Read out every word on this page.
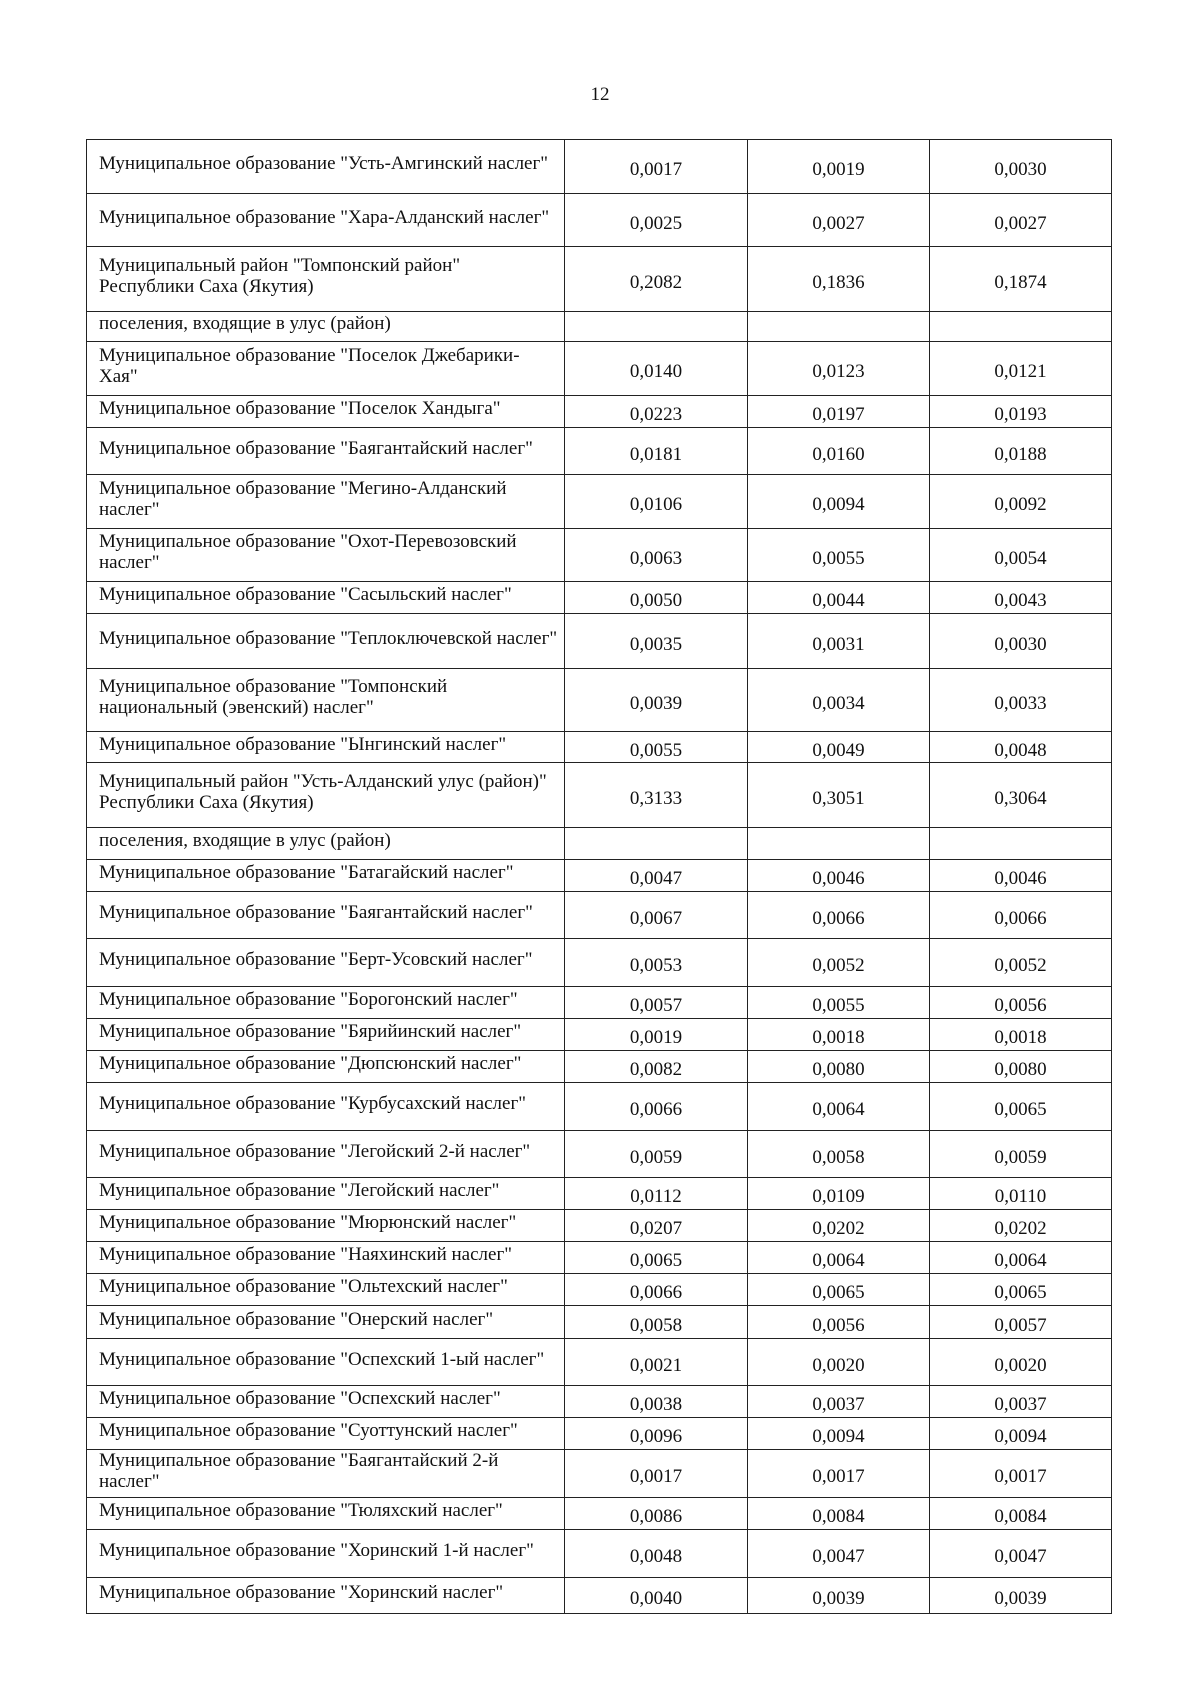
12
Муниципальное образование "Усть-Амгинский наслег"	0,0017	0,0019	0,0030

Муниципальное образование "Хара-Алданский наслег"	0,0025	0,0027	0,0027

Муниципальный район "Томпонский район" Республики Саха (Якутия)	0,2082	0,1836	0,1874

поселения, входящие в улус (район)			

Муниципальное образование "Поселок Джебарики-Хая"	0,0140	0,0123	0,0121

Муниципальное образование "Поселок Хандыга"	0,0223	0,0197	0,0193

Муниципальное образование "Баягантайский наслег"	0,0181	0,0160	0,0188

Муниципальное образование "Мегино-Алданский наслег"	0,0106	0,0094	0,0092

Муниципальное образование "Охот-Перевозовский наслег"	0,0063	0,0055	0,0054

Муниципальное образование "Сасыльский наслег"	0,0050	0,0044	0,0043

Муниципальное образование "Теплоключевской наслег"	0,0035	0,0031	0,0030

Муниципальное образование "Томпонский национальный (эвенский) наслег"	0,0039	0,0034	0,0033

Муниципальное образование "Ынгинский наслег"	0,0055	0,0049	0,0048

Муниципальный район "Усть-Алданский улус (район)" Республики Саха (Якутия)	0,3133	0,3051	0,3064

поселения, входящие в улус (район)			

Муниципальное образование "Батагайский наслег"	0,0047	0,0046	0,0046

Муниципальное образование "Баягантайский наслег"	0,0067	0,0066	0,0066

Муниципальное образование "Берт-Усовский наслег"	0,0053	0,0052	0,0052

Муниципальное образование "Борогонский наслег"	0,0057	0,0055	0,0056

Муниципальное образование "Бярийинский наслег"	0,0019	0,0018	0,0018

Муниципальное образование "Дюпсюнский наслег"	0,0082	0,0080	0,0080

Муниципальное образование "Курбусахский наслег"	0,0066	0,0064	0,0065

Муниципальное образование "Легойский 2-й наслег"	0,0059	0,0058	0,0059

Муниципальное образование "Легойский наслег"	0,0112	0,0109	0,0110

Муниципальное образование "Мюрюнский наслег"	0,0207	0,0202	0,0202

Муниципальное образование "Наяхинский наслег"	0,0065	0,0064	0,0064

Муниципальное образование "Ольтехский наслег"	0,0066	0,0065	0,0065

Муниципальное образование "Онерский наслег"	0,0058	0,0056	0,0057

Муниципальное образование "Оспехский 1-ый наслег"	0,0021	0,0020	0,0020

Муниципальное образование "Оспехский наслег"	0,0038	0,0037	0,0037

Муниципальное образование "Суоттунский наслег"	0,0096	0,0094	0,0094

Муниципальное образование "Баягантайский 2-й наслег"	0,0017	0,0017	0,0017

Муниципальное образование "Тюляхский наслег"	0,0086	0,0084	0,0084

Муниципальное образование "Хоринский 1-й наслег"	0,0048	0,0047	0,0047

Муниципальное образование "Хоринский наслег"	0,0040	0,0039	0,0039
